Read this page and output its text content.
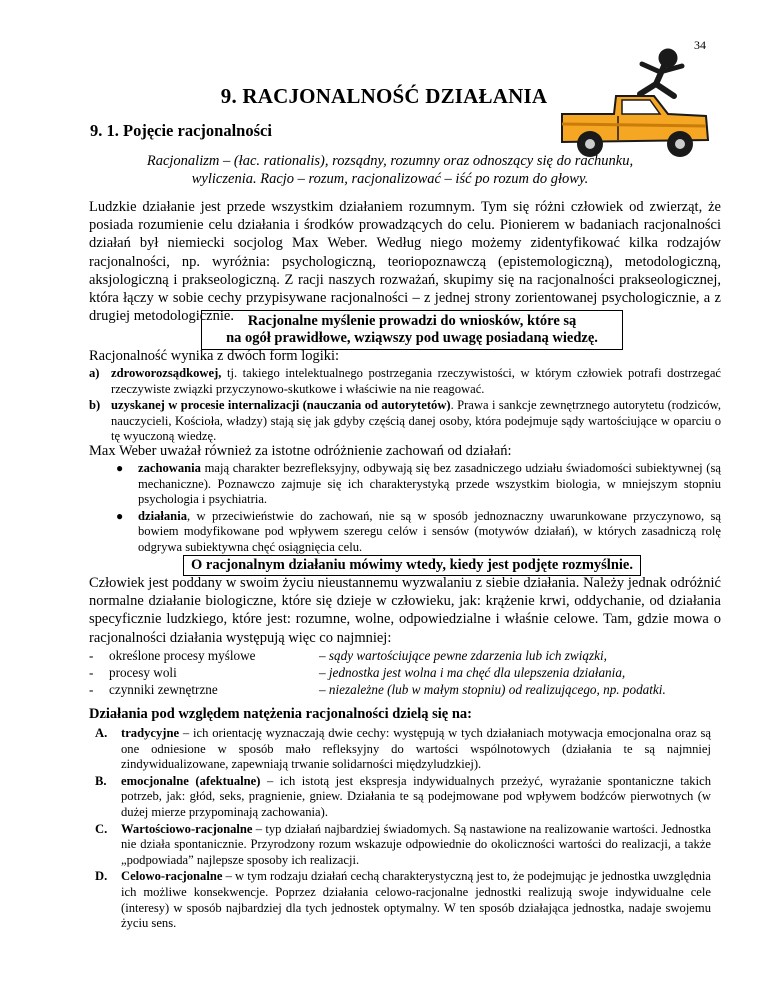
34
9. RACJONALNOŚĆ DZIAŁANIA
9. 1. Pojęcie racjonalności
Racjonalizm – (łac. rationalis), rozsądny, rozumny oraz odnoszący się do rachunku,
wyliczenia. Racjo – rozum, racjonalizować – iść po rozum do głowy.
Ludzkie działanie jest przede wszystkim działaniem rozumnym. Tym się różni człowiek od zwierząt, że posiada rozumienie celu działania i środków prowadzących do celu. Pionierem w badaniach racjonalności działań był niemiecki socjolog Max Weber. Według niego możemy zidentyfikować kilka rodzajów racjonalności, np. wyróżnia: psychologiczną, teoriopoznawczą (epistemologiczną), metodologiczną, aksjologiczną i prakseologiczną. Z racji naszych rozważań, skupimy się na racjonalności prakseologicznej, która łączy w sobie cechy przypisywane racjonalności – z jednej strony zorientowanej psychologicznie, a z drugiej metodologicznie. Racjonalne myślenie prowadzi do wniosków, które są
na ogół prawidłowe, wziąwszy pod uwagę posiadaną wiedzę.
Racjonalność wynika z dwóch form logiki:
a) zdroworozsądkowej, tj. takiego intelektualnego postrzegania rzeczywistości, w którym człowiek potrafi dostrzegać rzeczywiste związki przyczynowo-skutkowe i właściwie na nie reagować.
b) uzyskanej w procesie internalizacji (nauczania od autorytetów). Prawa i sankcje zewnętrznego autorytetu (rodziców, nauczycieli, Kościoła, władzy) stają się jak gdyby częścią danej osoby, która podejmuje sądy wartościujące w oparciu o tę wyuczoną wiedzę.
Max Weber uważał również za istotne odróżnienie zachowań od działań:
● zachowania mają charakter bezrefleksyjny, odbywają się bez zasadniczego udziału świadomości subiektywnej (są mechaniczne). Poznawczo zajmuje się ich charakterystyką przede wszystkim biologia, w mniejszym stopniu psychologia i psychiatria.
● działania, w przeciwieństwie do zachowań, nie są w sposób jednoznaczny uwarunkowane przyczynowo, są bowiem modyfikowane pod wpływem szeregu celów i sensów (motywów działań), w których zasadniczą rolę odgrywa subiektywna chęć osiągnięcia celu.
O racjonalnym działaniu mówimy wtedy, kiedy jest podjęte rozmyślnie.
Człowiek jest poddany w swoim życiu nieustannemu wyzwalaniu z siebie działania. Należy jednak odróżnić normalne działanie biologiczne, które się dzieje w człowieku, jak: krążenie krwi, oddychanie, od działania specyficznie ludzkiego, które jest: rozumne, wolne, odpowiedzialne i właśnie celowe. Tam, gdzie mowa o racjonalności działania występują więc co najmniej:
- określone procesy myślowe	– sądy wartościujące pewne zdarzenia lub ich związki,
- procesy woli	– jednostka jest wolna i ma chęć dla ulepszenia działania,
- czynniki zewnętrzne	– niezależne (lub w małym stopniu) od realizującego, np. podatki.
Działania pod względem natężenia racjonalności dzielą się na:
A. tradycyjne – ich orientację wyznaczają dwie cechy: występują w tych działaniach motywacja emocjonalna oraz są one odniesione w sposób mało refleksyjny do wartości wspólnotowych (działania te są najmniej zindywidualizowane, zapewniają trwanie solidarności międzyludzkiej).
B. emocjonalne (afektualne) – ich istotą jest ekspresja indywidualnych przeżyć, wyrażanie spontaniczne takich potrzeb, jak: głód, seks, pragnienie, gniew. Działania te są podejmowane pod wpływem bodźców pierwotnych (w dużej mierze przypominają zachowania).
C. Wartościowo-racjonalne – typ działań najbardziej świadomych. Są nastawione na realizowanie wartości. Jednostka nie działa spontanicznie. Przyrodzony rozum wskazuje odpowiednie do okoliczności wartości do realizacji, a także „podpowiada” najlepsze sposoby ich realizacji.
D. Celowo-racjonalne – w tym rodzaju działań cechą charakterystyczną jest to, że podejmując je jednostka uwzględnia ich możliwe konsekwencje. Poprzez działania celowo-racjonalne jednostki realizują swoje indywidualne cele (interesy) w sposób najbardziej dla tych jednostek optymalny. W ten sposób działająca jednostka, nadaje swojemu życiu sens.
